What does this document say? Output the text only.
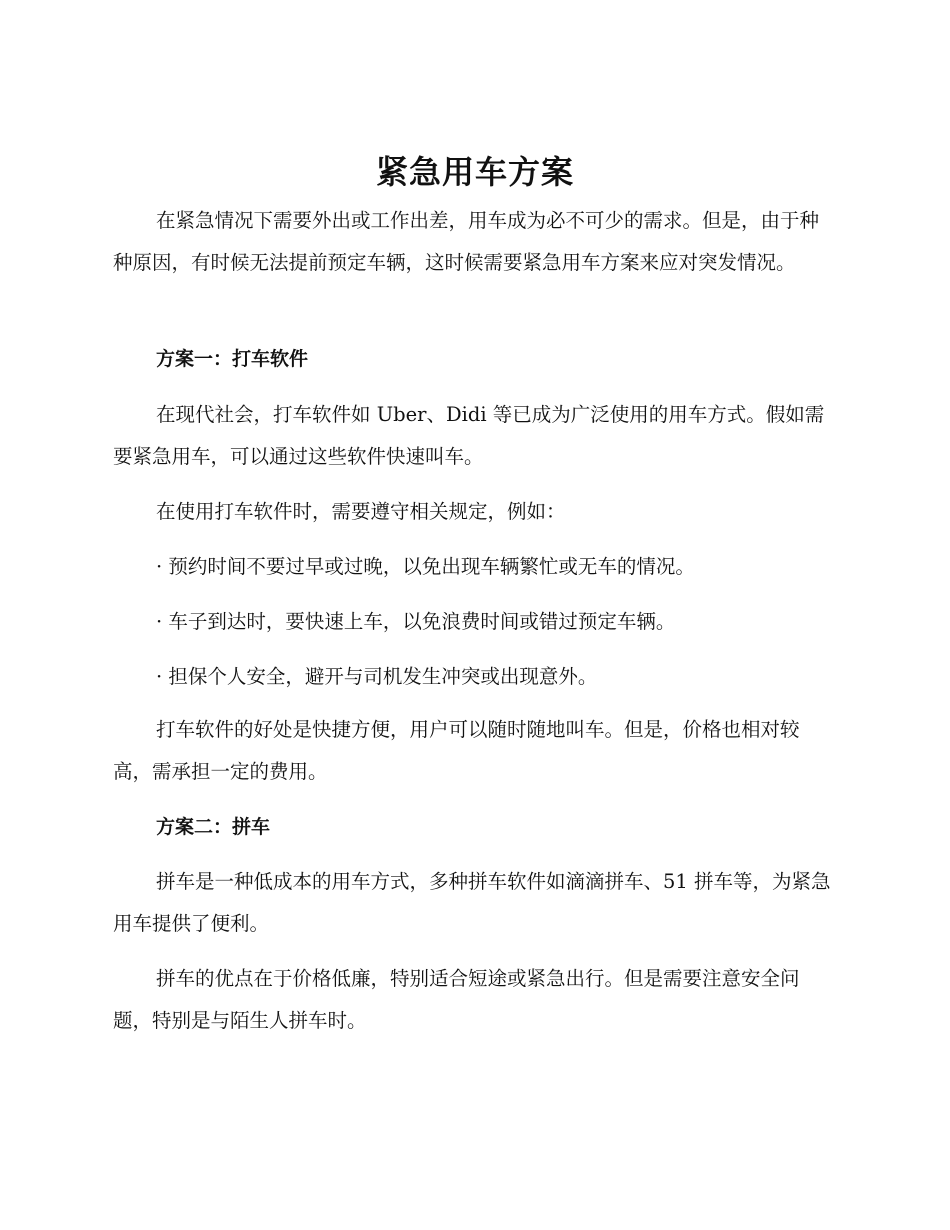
紧急用车方案

在紧急情况下需要外出或工作出差，用车成为必不可少的需求。但是，由于种种原因，有时候无法提前预定车辆，这时候需要紧急用车方案来应对突发情况。

方案一：打车软件

在现代社会，打车软件如 Uber、Didi 等已成为广泛使用的用车方式。假如需要紧急用车，可以通过这些软件快速叫车。

在使用打车软件时，需要遵守相关规定，例如：

· 预约时间不要过早或过晚，以免出现车辆繁忙或无车的情况。

· 车子到达时，要快速上车，以免浪费时间或错过预定车辆。

· 担保个人安全，避开与司机发生冲突或出现意外。

打车软件的好处是快捷方便，用户可以随时随地叫车。但是，价格也相对较高，需承担一定的费用。

方案二：拼车

拼车是一种低成本的用车方式，多种拼车软件如滴滴拼车、51 拼车等，为紧急用车提供了便利。

拼车的优点在于价格低廉，特别适合短途或紧急出行。但是需要注意安全问题，特别是与陌生人拼车时。
